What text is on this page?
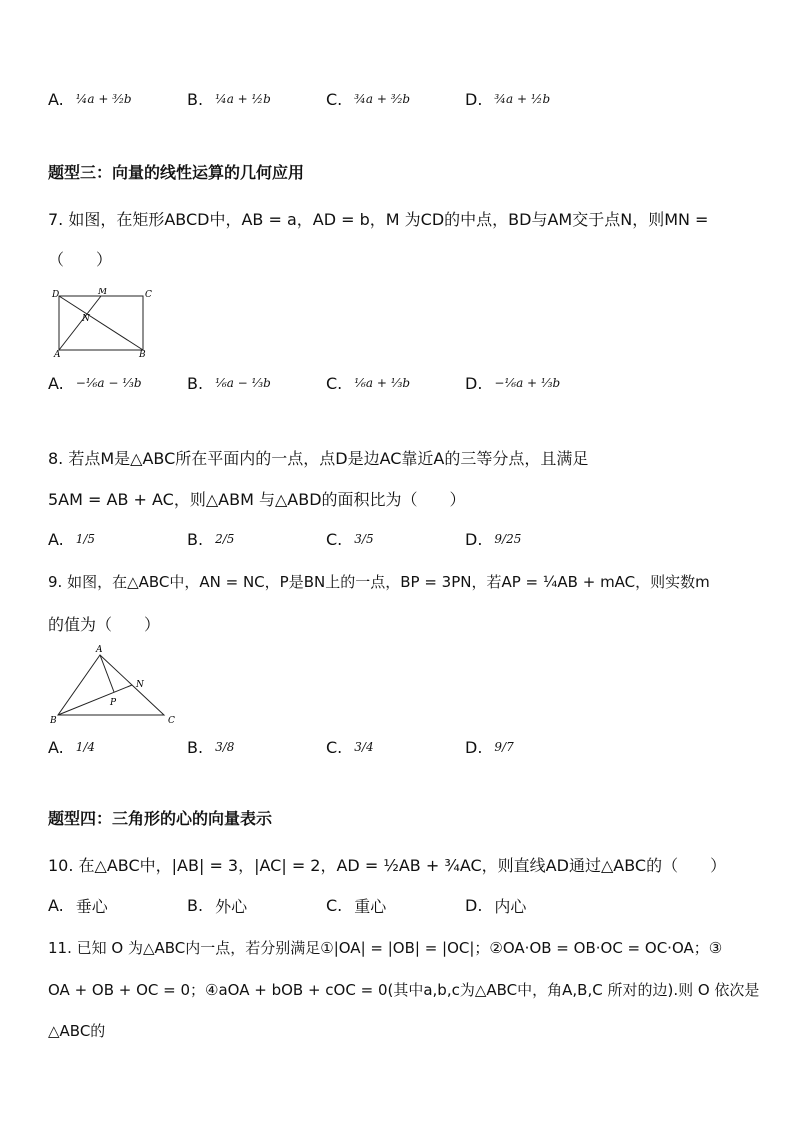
A. ¼a + ³⁄₂b	B. ¼a + ½b	C. ¾a + ³⁄₂b	D. ¾a + ½b
题型三：向量的线性运算的几何应用
7. 如图，在矩形ABCD中，AB = a，AD = b，M 为CD的中点，BD与AM交于点N，则MN =
（　　）
D	M	C
N
A	B
A. −⅙a − ⅓b	B. ⅙a − ⅓b	C. ⅙a + ⅓b	D. −⅙a + ⅓b
8. 若点M是△ABC所在平面内的一点，点D是边AC靠近A的三等分点，且满足
5AM = AB + AC，则△ABM 与△ABD的面积比为（　　）
A. 1/5	B. 2/5	C. 3/5	D. 9/25
9. 如图，在△ABC中，AN = NC，P是BN上的一点，BP = 3PN，若AP = ¼AB + mAC，则实数m
的值为（　　）
A
N
P
B	C
A. 1/4	B. 3/8	C. 3/4	D. 9/7
题型四：三角形的心的向量表示
10. 在△ABC中，|AB| = 3，|AC| = 2，AD = ½AB + ¾AC，则直线AD通过△ABC的（　　）
A. 垂心	B. 外心	C. 重心	D. 内心
11. 已知 O 为△ABC内一点，若分别满足①|OA| = |OB| = |OC|；②OA·OB = OB·OC = OC·OA；③
OA + OB + OC = 0；④aOA + bOB + cOC = 0(其中a,b,c为△ABC中，角A,B,C 所对的边).则 O 依次是
△ABC的
